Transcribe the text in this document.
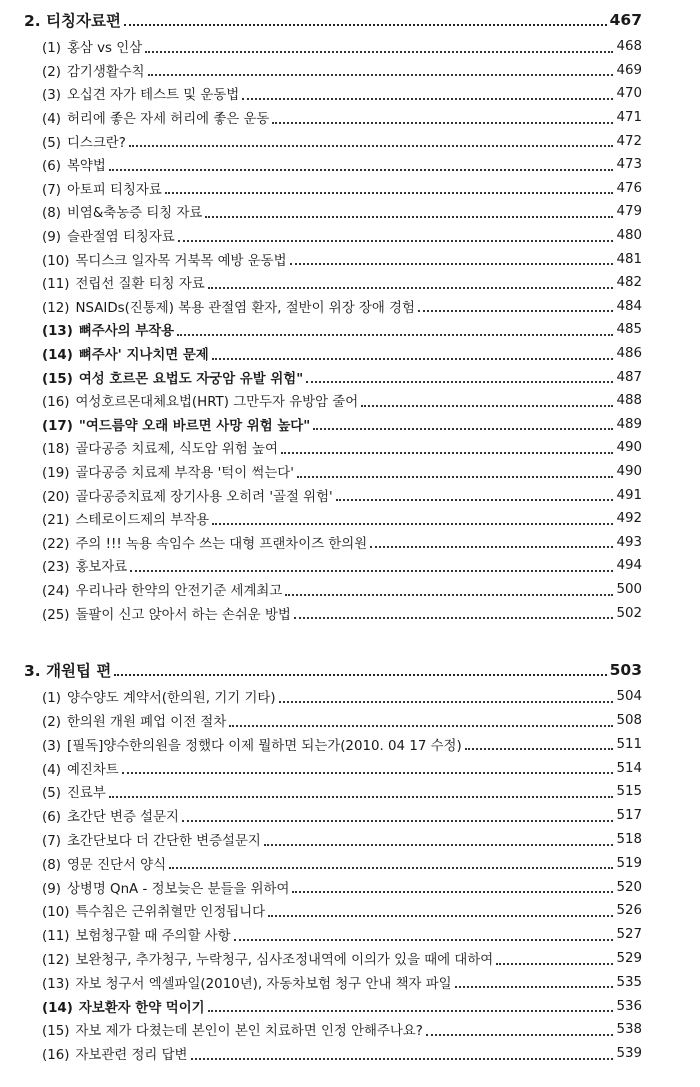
2. 티칭자료편	467
(1) 홍삼 vs 인삼	468
(2) 감기생활수칙	469
(3) 오십견 자가 테스트 및 운동법	470
(4) 허리에 좋은 자세 허리에 좋은 운동	471
(5) 디스크란?	472
(6) 복약법	473
(7) 아토피 티칭자료	476
(8) 비염&축농증 티칭 자료	479
(9) 슬관절염 티칭자료	480
(10) 목디스크 일자목 거북목 예방 운동법	481
(11) 전립선 질환 티칭 자료	482
(12) NSAIDs(진통제) 복용 관절염 환자, 절반이 위장 장애 경험	484
(13) 뼈주사의 부작용	485
(14) 뼈주사' 지나치면 문제	486
(15) 여성 호르몬 요법도 자궁암 유발 위험"	487
(16) 여성호르몬대체요법(HRT) 그만두자 유방암 줄어	488
(17) "여드름약 오래 바르면 사망 위험 높다"	489
(18) 골다공증 치료제, 식도암 위험 높여	490
(19) 골다공증 치료제 부작용 '턱이 썩는다'	490
(20) 골다공증치료제 장기사용 오히려 '골절 위험'	491
(21) 스테로이드제의 부작용	492
(22) 주의 !!! 녹용 속임수 쓰는 대형 프랜차이즈 한의원	493
(23) 홍보자료	494
(24) 우리나라 한약의 안전기준 세계최고	500
(25) 돌팔이 신고 앉아서 하는 손쉬운 방법	502
3. 개원팁 편	503
(1) 양수양도 계약서(한의원, 기기 기타)	504
(2) 한의원 개원 폐업 이전 절차	508
(3) [필독]양수한의원을 정했다 이제 뭘하면 되는가(2010. 04 17 수정)	511
(4) 예진차트	514
(5) 진료부	515
(6) 초간단 변증 설문지	517
(7) 초간단보다 더 간단한 변증설문지	518
(8) 영문 진단서 양식	519
(9) 상병명 QnA - 정보늦은 분들을 위하여	520
(10) 특수침은 근위취혈만 인정됩니다	526
(11) 보험청구할 때 주의할 사항	527
(12) 보완청구, 추가청구, 누락청구, 심사조정내역에 이의가 있을 때에 대하여	529
(13) 자보 청구서 엑셀파일(2010년), 자동차보험 청구 안내 책자 파일	535
(14) 자보환자 한약 먹이기	536
(15) 자보 제가 다쳤는데 본인이 본인 치료하면 인정 안해주나요?	538
(16) 자보관련 정리 답변	539
